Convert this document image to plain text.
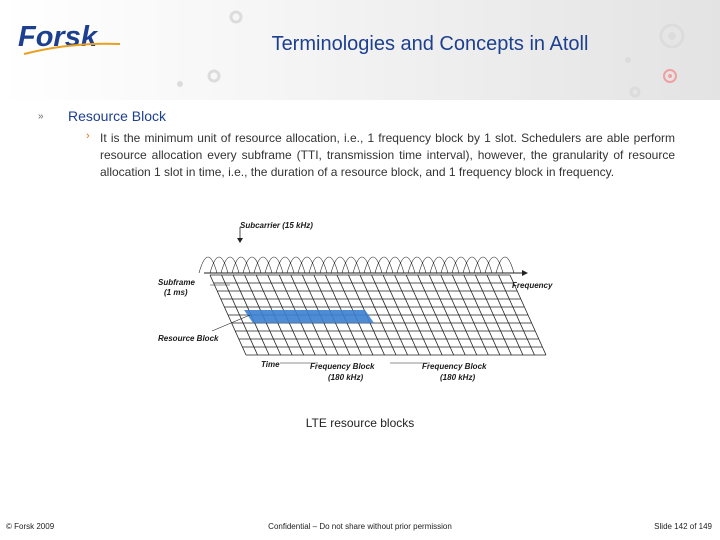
Forsk	Terminologies and Concepts in Atoll
» Resource Block
› It is the minimum unit of resource allocation, i.e., 1 frequency block by 1 slot. Schedulers are able perform resource allocation every subframe (TTI, transmission time interval), however, the granularity of resource allocation 1 slot in time, i.e., the duration of a resource block, and 1 frequency block in frequency.
Subcarrier (15 kHz)
Frequency
Subframe
(1 ms)
Resource Block
Time	Frequency Block
(180 kHz)
Frequency Block
(180 kHz)
LTE resource blocks
© Forsk 2009	Confidential – Do not share without prior permission	Slide 142 of 149
